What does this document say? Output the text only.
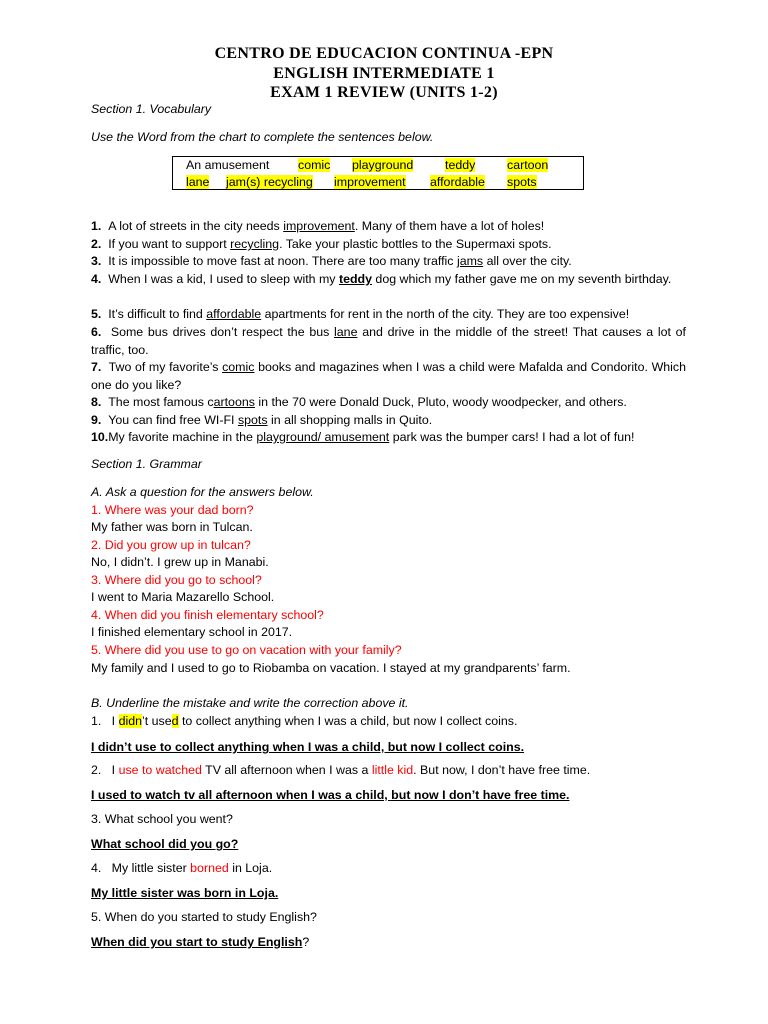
CENTRO DE EDUCACION CONTINUA -EPN
ENGLISH INTERMEDIATE 1
EXAM 1 REVIEW (UNITS 1-2)
Section 1. Vocabulary
Use the Word from the chart to complete the sentences below.
An amusement comic playground	teddy	cartoon
lane jam(s) recycling improvement affordable spots
1. A lot of streets in the city needs improvement. Many of them have a lot of holes!
2. If you want to support recycling. Take your plastic bottles to the Supermaxi spots.
3. It is impossible to move fast at noon. There are too many traffic jams all over the city.
4. When I was a kid, I used to sleep with my teddy dog which my father gave me on my seventh birthday.
5. It’s difficult to find affordable apartments for rent in the north of the city. They are too expensive!
6. Some bus drives don’t respect the bus lane and drive in the middle of the street! That causes a lot of traffic, too.
7. Two of my favorite’s comic books and magazines when I was a child were Mafalda and Condorito. Which one do you like?
8. The most famous cartoons in the 70 were Donald Duck, Pluto, woody woodpecker, and others.
9. You can find free WI-FI spots in all shopping malls in Quito.
10.My favorite machine in the playground/ amusement park was the bumper cars! I had a lot of fun!
Section 1. Grammar
A. Ask a question for the answers below.
1. Where was your dad born?
My father was born in Tulcan.
2. Did you grow up in tulcan?
No, I didn’t. I grew up in Manabi.
3. Where did you go to school?
I went to Maria Mazarello School.
4. When did you finish elementary school?
I finished elementary school in 2017.
5. Where did you use to go on vacation with your family?
My family and I used to go to Riobamba on vacation. I stayed at my grandparents’ farm.
B. Underline the mistake and write the correction above it.
1. I didn’t used to collect anything when I was a child, but now I collect coins.
I didn’t use to collect anything when I was a child, but now I collect coins.
2. I use to watched TV all afternoon when I was a little kid. But now, I don’t have free time.
I used to watch tv all afternoon when I was a child, but now I don’t have free time.
3. What school you went?
What school did you go?
4. My little sister borned in Loja.
My little sister was born in Loja.
5. When do you started to study English?
When did you start to study English?
